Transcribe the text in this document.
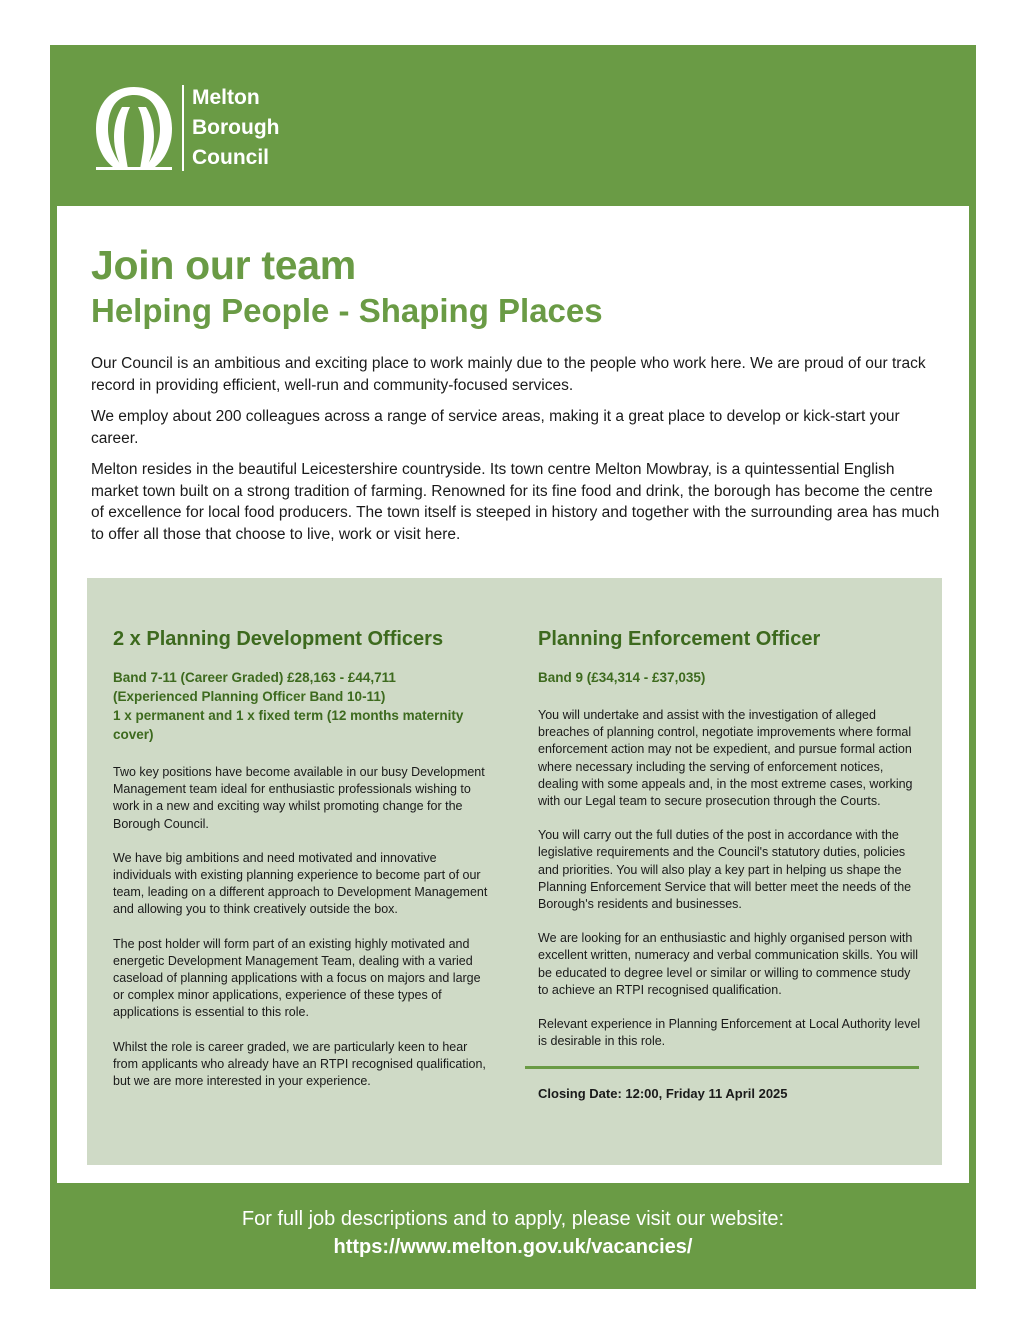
Melton
Borough
Council
Join our team
Helping People - Shaping Places

Our Council is an ambitious and exciting place to work mainly due to the people who work here. We are proud of our track record in providing efficient, well-run and community-focused services.

We employ about 200 colleagues across a range of service areas, making it a great place to develop or kick-start your career.

Melton resides in the beautiful Leicestershire countryside. Its town centre Melton Mowbray, is a quintessential English market town built on a strong tradition of farming. Renowned for its fine food and drink, the borough has become the centre of excellence for local food producers. The town itself is steeped in history and together with the surrounding area has much to offer all those that choose to live, work or visit here.

2 x Planning Development Officers
Band 7-11 (Career Graded) £28,163 - £44,711
(Experienced Planning Officer Band 10-11)
1 x permanent and 1 x fixed term (12 months maternity cover)

Two key positions have become available in our busy Development Management team ideal for enthusiastic professionals wishing to work in a new and exciting way whilst promoting change for the Borough Council.

We have big ambitions and need motivated and innovative individuals with existing planning experience to become part of our team, leading on a different approach to Development Management and allowing you to think creatively outside the box.

The post holder will form part of an existing highly motivated and energetic Development Management Team, dealing with a varied caseload of planning applications with a focus on majors and large or complex minor applications, experience of these types of applications is essential to this role.

Whilst the role is career graded, we are particularly keen to hear from applicants who already have an RTPI recognised qualification, but we are more interested in your experience.

Planning Enforcement Officer
Band 9 (£34,314 - £37,035)

You will undertake and assist with the investigation of alleged breaches of planning control, negotiate improvements where formal enforcement action may not be expedient, and pursue formal action where necessary including the serving of enforcement notices, dealing with some appeals and, in the most extreme cases, working with our Legal team to secure prosecution through the Courts.

You will carry out the full duties of the post in accordance with the legislative requirements and the Council's statutory duties, policies and priorities. You will also play a key part in helping us shape the Planning Enforcement Service that will better meet the needs of the Borough's residents and businesses.

We are looking for an enthusiastic and highly organised person with excellent written, numeracy and verbal communication skills. You will be educated to degree level or similar or willing to commence study to achieve an RTPI recognised qualification.

Relevant experience in Planning Enforcement at Local Authority level is desirable in this role.

Closing Date: 12:00, Friday 11 April 2025
For full job descriptions and to apply, please visit our website:
https://www.melton.gov.uk/vacancies/
